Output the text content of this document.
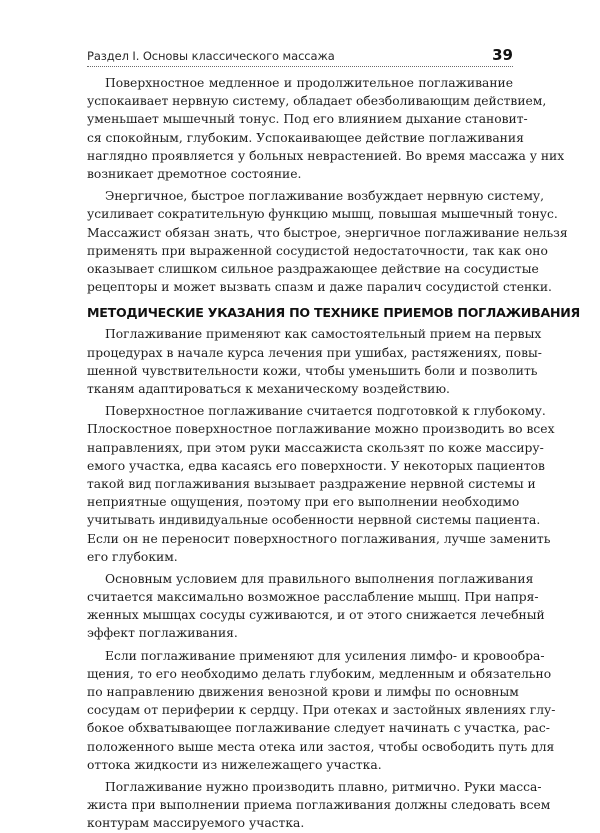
Раздел I. Основы классического массажа	39
Поверхностное медленное и продолжительное поглаживание
успокаивает нервную систему, обладает обезболивающим действием,
уменьшает мышечный тонус. Под его влиянием дыхание становит-
ся спокойным, глубоким. Успокаивающее действие поглаживания
наглядно проявляется у больных неврастенией. Во время массажа у них
возникает дремотное состояние.
Энергичное, быстрое поглаживание возбуждает нервную систему,
усиливает сократительную функцию мышц, повышая мышечный тонус.
Массажист обязан знать, что быстрое, энергичное поглаживание нельзя
применять при выраженной сосудистой недостаточности, так как оно
оказывает слишком сильное раздражающее действие на сосудистые
рецепторы и может вызвать спазм и даже паралич сосудистой стенки.
МЕТОДИЧЕСКИЕ УКАЗАНИЯ ПО ТЕХНИКЕ ПРИЕМОВ ПОГЛАЖИВАНИЯ
Поглаживание применяют как самостоятельный прием на первых
процедурах в начале курса лечения при ушибах, растяжениях, повы-
шенной чувствительности кожи, чтобы уменьшить боли и позволить
тканям адаптироваться к механическому воздействию.
Поверхностное поглаживание считается подготовкой к глубокому.
Плоскостное поверхностное поглаживание можно производить во всех
направлениях, при этом руки массажиста скользят по коже массиру-
емого участка, едва касаясь его поверхности. У некоторых пациентов
такой вид поглаживания вызывает раздражение нервной системы и
неприятные ощущения, поэтому при его выполнении необходимо
учитывать индивидуальные особенности нервной системы пациента.
Если он не переносит поверхностного поглаживания, лучше заменить
его глубоким.
Основным условием для правильного выполнения поглаживания
считается максимально возможное расслабление мышц. При напря-
женных мышцах сосуды суживаются, и от этого снижается лечебный
эффект поглаживания.
Если поглаживание применяют для усиления лимфо- и кровообра-
щения, то его необходимо делать глубоким, медленным и обязательно
по направлению движения венозной крови и лимфы по основным
сосудам от периферии к сердцу. При отеках и застойных явлениях глу-
бокое обхватывающее поглаживание следует начинать с участка, рас-
положенного выше места отека или застоя, чтобы освободить путь для
оттока жидкости из нижележащего участка.
Поглаживание нужно производить плавно, ритмично. Руки масса-
жиста при выполнении приема поглаживания должны следовать всем
контурам массируемого участка.
